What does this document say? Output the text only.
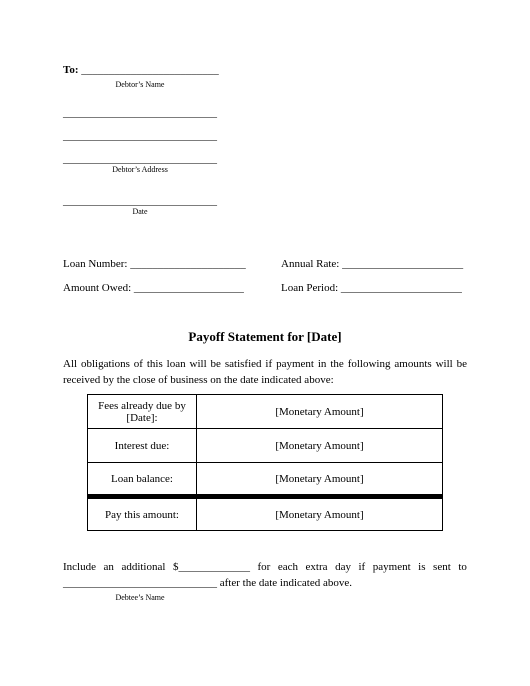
To: _________________________
Debtor’s Name
____________________________
____________________________
____________________________
Debtor’s Address
____________________________
Date
Loan Number: _____________________	Annual Rate: ______________________
Amount Owed: ____________________	Loan Period: ______________________
Payoff Statement for [Date]
All obligations of this loan will be satisfied if payment in the following amounts will be
received by the close of business on the date indicated above:
Fees already due by [Date]:	[Monetary Amount]
Interest due:	[Monetary Amount]
Loan balance:	[Monetary Amount]
Pay this amount:	[Monetary Amount]
Include an additional $_____________ for each extra day if payment is sent to
____________________________ after the date indicated above.
Debtee’s Name
